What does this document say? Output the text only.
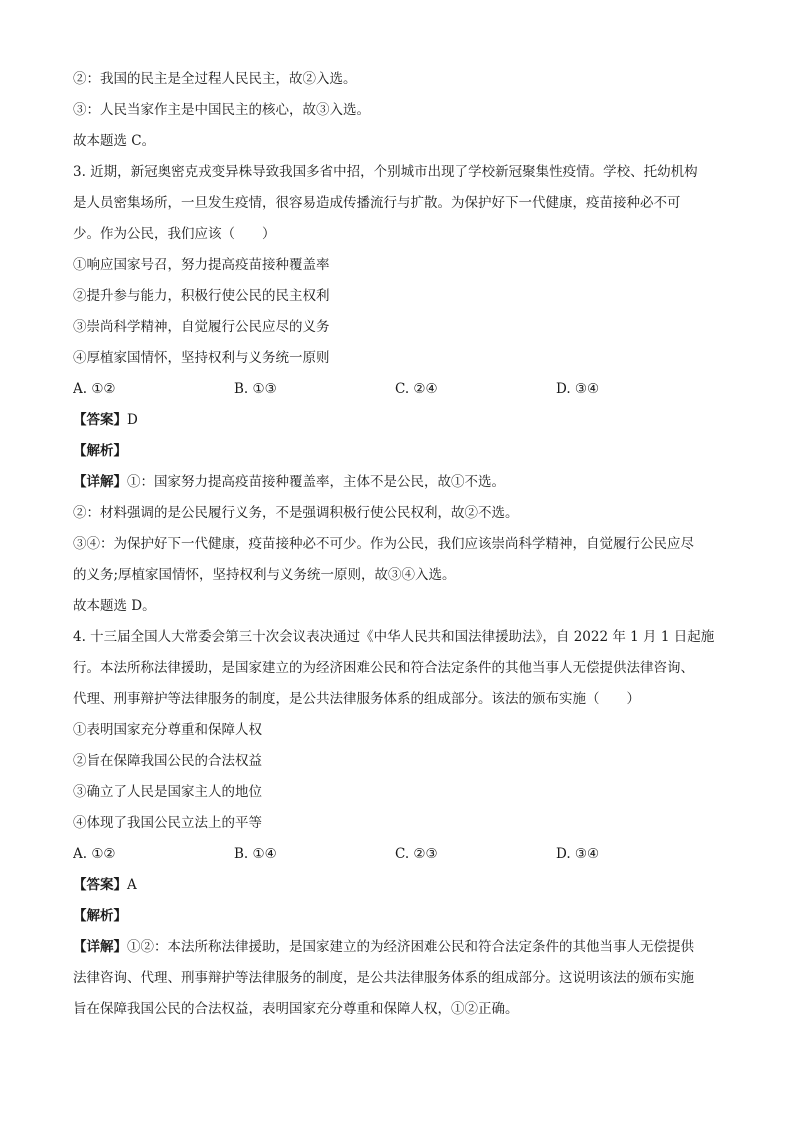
②：我国的民主是全过程人民民主，故②入选。
③：人民当家作主是中国民主的核心，故③入选。
故本题选 C。
3. 近期，新冠奥密克戎变异株导致我国多省中招，个别城市出现了学校新冠聚集性疫情。学校、托幼机构
是人员密集场所，一旦发生疫情，很容易造成传播流行与扩散。为保护好下一代健康，疫苗接种必不可
少。作为公民，我们应该（　　）
①响应国家号召，努力提高疫苗接种覆盖率
②提升参与能力，积极行使公民的民主权利
③崇尚科学精神，自觉履行公民应尽的义务
④厚植家国情怀，坚持权利与义务统一原则
A. ①②	B. ①③	C. ②④	D. ③④
【答案】D
【解析】
【详解】①：国家努力提高疫苗接种覆盖率，主体不是公民，故①不选。
②：材料强调的是公民履行义务，不是强调积极行使公民权利，故②不选。
③④：为保护好下一代健康，疫苗接种必不可少。作为公民，我们应该崇尚科学精神，自觉履行公民应尽
的义务;厚植家国情怀，坚持权利与义务统一原则，故③④入选。
故本题选 D。
4. 十三届全国人大常委会第三十次会议表决通过《中华人民共和国法律援助法》，自 2022 年 1 月 1 日起施
行。本法所称法律援助，是国家建立的为经济困难公民和符合法定条件的其他当事人无偿提供法律咨询、
代理、刑事辩护等法律服务的制度，是公共法律服务体系的组成部分。该法的颁布实施（　　）
①表明国家充分尊重和保障人权
②旨在保障我国公民的合法权益
③确立了人民是国家主人的地位
④体现了我国公民立法上的平等
A. ①②	B. ①④	C. ②③	D. ③④
【答案】A
【解析】
【详解】①②：本法所称法律援助，是国家建立的为经济困难公民和符合法定条件的其他当事人无偿提供
法律咨询、代理、刑事辩护等法律服务的制度，是公共法律服务体系的组成部分。这说明该法的颁布实施
旨在保障我国公民的合法权益，表明国家充分尊重和保障人权，①②正确。
